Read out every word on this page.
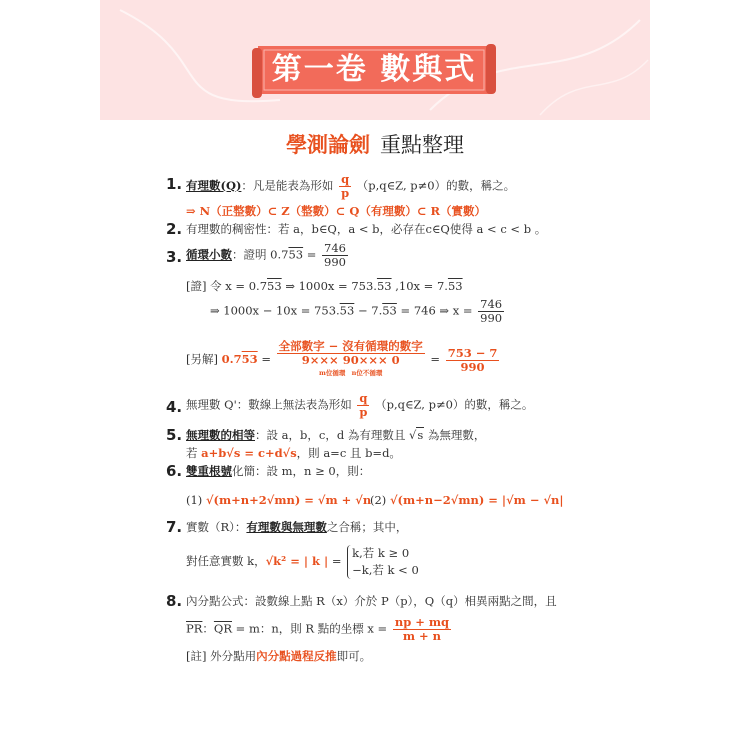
第一卷 數與式
學測論劍 重點整理
1. 有理數(Q)：凡是能表為形如 $\frac{q}{p}$ （p,q∈Z, p≠0）的數，稱之。
⇒ N（正整數）⊂ Z（整數）⊂ Q（有理數）⊂ R（實數）
2. 有理數的稠密性：若 a，b∈Q，a < b，必存在c∈Q使得 a < c < b 。
3. 循環小數：證明 $0.753 = \frac{746}{990}$
[證] 令 x = 0.753 ⇒ 1000x = 753.53 ,10x = 7.53
⇒ 1000x − 10x = 753.53 − 7.53 = 746 ⇒ $x = \frac{746}{990}$
[另解] 0.753 =
全部數字 − 沒有循環的數字
9××× 90××× 0
m位循環 n位不循環
= $\frac{753 - 7}{990}$
4. 無理數 Q'：數線上無法表為形如 $\frac{q}{p}$ （p,q∈Z, p≠0）的數，稱之。
5. 無理數的相等：設 a，b，c，d 為有理數且 √s 為無理數，
若 a+b√s = c+d√s，則 a=c 且 b=d。
6. 雙重根號化簡：設 m，n ≥ 0，則：
(1) √(m+n+2√mn) = √m + √n
(2) √(m+n−2√mn) = |√m − √n|
7. 實數（R）：有理數與無理數之合稱；其中，
對任意實數 k，√k² = | k | =
k,若 k ≥ 0
−k,若 k < 0
8. 內分點公式：設數線上點 R（x）介於 P（p），Q（q）相異兩點之間，且
$\overline{PR}$：$\overline{QR} = m$：n，則 R 點的坐標 $x = \frac{np + mq}{m + n}$
[註] 外分點用內分點過程反推即可。
